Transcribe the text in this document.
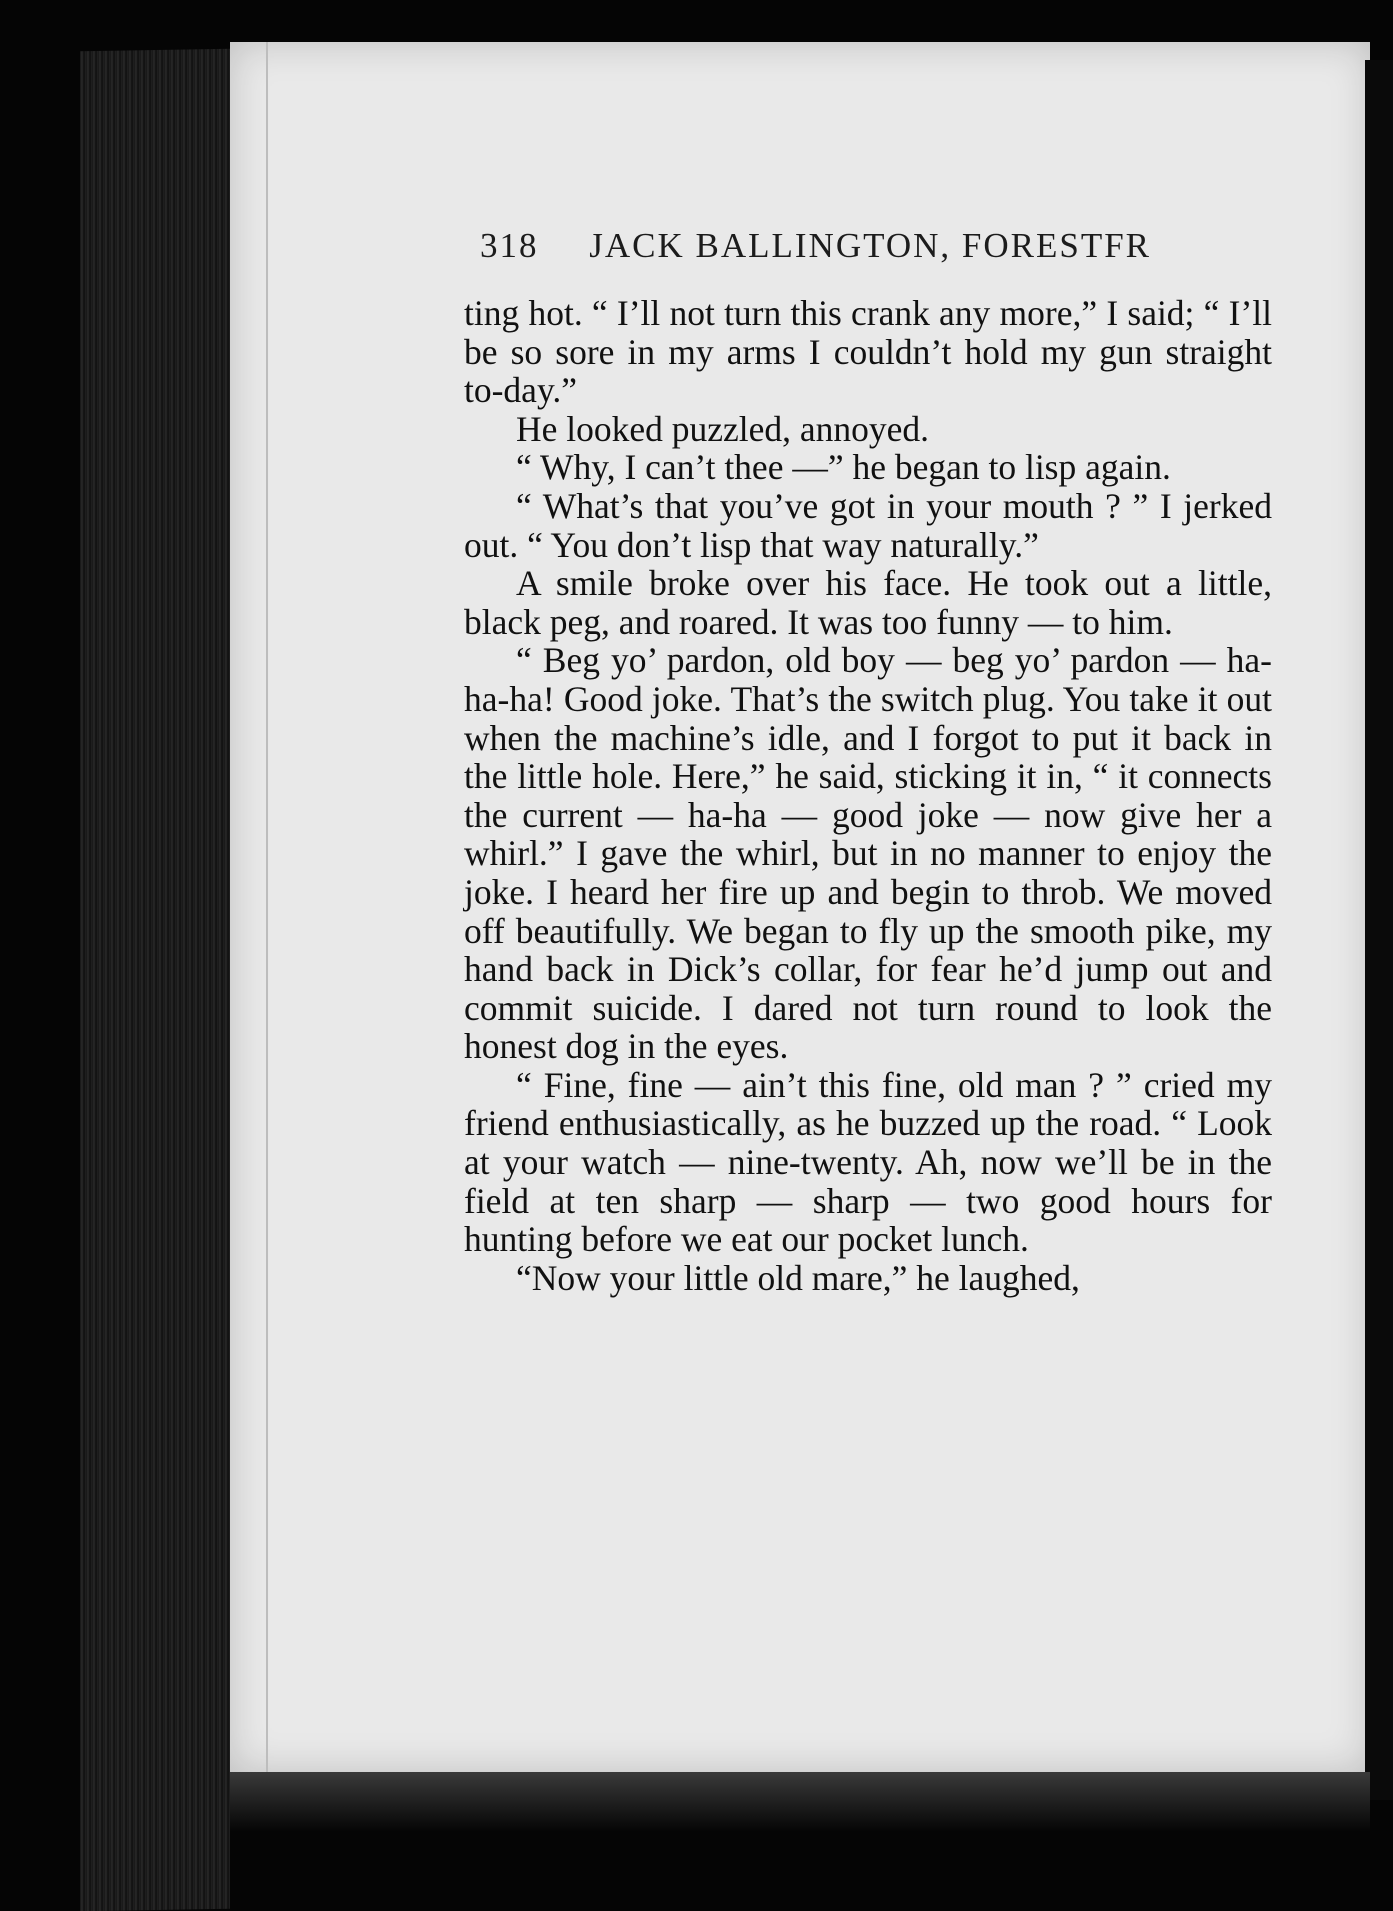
318 JACK BALLINGTON, FORESTFR

ting hot. “ I’ll not turn this crank any more,” I said; “ I’ll be so sore in my arms I couldn’t hold my gun straight to-day.”

He looked puzzled, annoyed.

“ Why, I can’t thee —” he began to lisp again.

“ What’s that you’ve got in your mouth ? ” I jerked out. “ You don’t lisp that way naturally.”

A smile broke over his face. He took out a little, black peg, and roared. It was too funny — to him.

“ Beg yo’ pardon, old boy — beg yo’ pardon — ha-ha-ha! Good joke. That’s the switch plug. You take it out when the machine’s idle, and I forgot to put it back in the little hole. Here,” he said, sticking it in, “ it connects the current — ha-ha — good joke — now give her a whirl.” I gave the whirl, but in no manner to enjoy the joke. I heard her fire up and begin to throb. We moved off beautifully. We began to fly up the smooth pike, my hand back in Dick’s collar, for fear he’d jump out and commit suicide. I dared not turn round to look the honest dog in the eyes.

“ Fine, fine — ain’t this fine, old man ? ” cried my friend enthusiastically, as he buzzed up the road. “ Look at your watch — nine-twenty. Ah, now we’ll be in the field at ten sharp — sharp — two good hours for hunting before we eat our pocket lunch.

“Now your little old mare,” he laughed,
